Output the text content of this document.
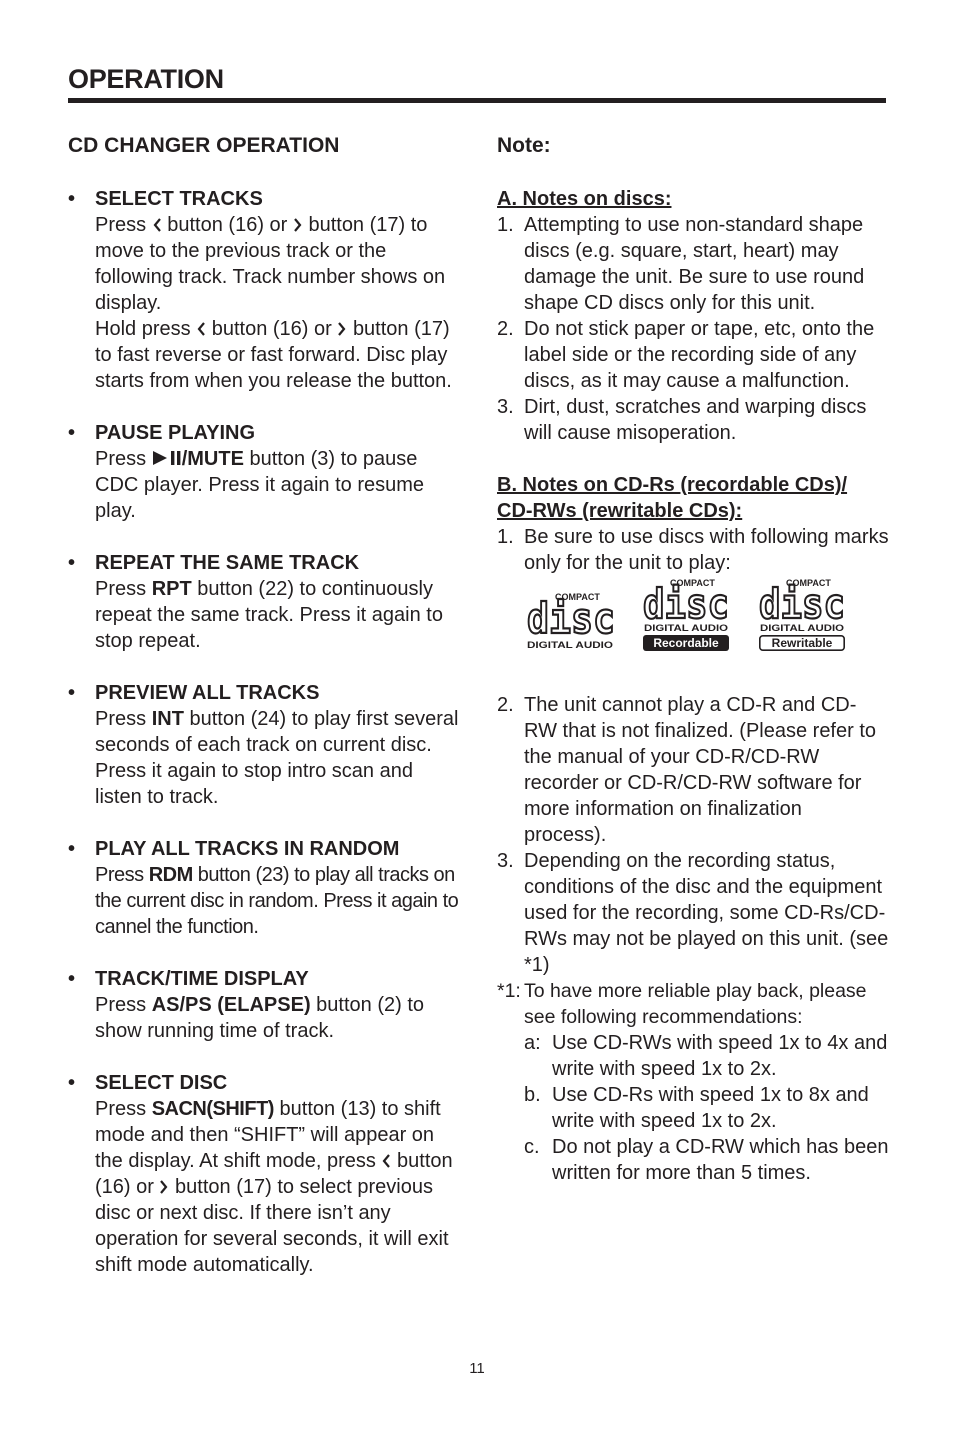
OPERATION
CD CHANGER OPERATION
• SELECT TRACKS
Press button (16) or button (17) to move to the previous track or the following track. Track number shows on display.
Hold press button (16) or button (17) to fast reverse or fast forward. Disc play starts from when you release the button.
• PAUSE PLAYING
Press /MUTE button (3) to pause CDC player. Press it again to resume play.
• REPEAT THE SAME TRACK
Press RPT button (22) to continuously repeat the same track. Press it again to stop repeat.
• PREVIEW ALL TRACKS
Press INT button (24) to play first several seconds of each track on current disc. Press it again to stop intro scan and listen to track.
• PLAY ALL TRACKS IN RANDOM
Press RDM button (23) to play all tracks on the current disc in random. Press it again to cannel the function.
• TRACK/TIME DISPLAY
Press AS/PS (ELAPSE) button (2) to show running time of track.
• SELECT DISC
Press SACN(SHIFT) button (13) to shift mode and then “SHIFT” will appear on the display. At shift mode, press button (16) or button (17) to select previous disc or next disc. If there isn’t any operation for several seconds, it will exit shift mode automatically.
Note:
A. Notes on discs:
1. Attempting to use non-standard shape discs (e.g. square, start, heart) may damage the unit. Be sure to use round shape CD discs only for this unit.
2. Do not stick paper or tape, etc, onto the label side or the recording side of any discs, as it may cause a malfunction.
3. Dirt, dust, scratches and warping discs will cause misoperation.
B. Notes on CD-Rs (recordable CDs)/
CD-RWs (rewritable CDs):
1. Be sure to use discs with following marks only for the unit to play:
COMPACT
disc
DIGITAL AUDIO
COMPACT
disc
DIGITAL AUDIO
Recordable
COMPACT
disc
DIGITAL AUDIO
Rewritable
2. The unit cannot play a CD-R and CD-RW that is not finalized. (Please refer to the manual of your CD-R/CD-RW recorder or CD-R/CD-RW software for more information on finalization process).
3. Depending on the recording status, conditions of the disc and the equipment used for the recording, some CD-Rs/CD-RWs may not be played on this unit. (see *1)
*1: To have more reliable play back, please see following recommendations:
a: Use CD-RWs with speed 1x to 4x and write with speed 1x to 2x.
b. Use CD-Rs with speed 1x to 8x and write with speed 1x to 2x.
c. Do not play a CD-RW which has been written for more than 5 times.
11
